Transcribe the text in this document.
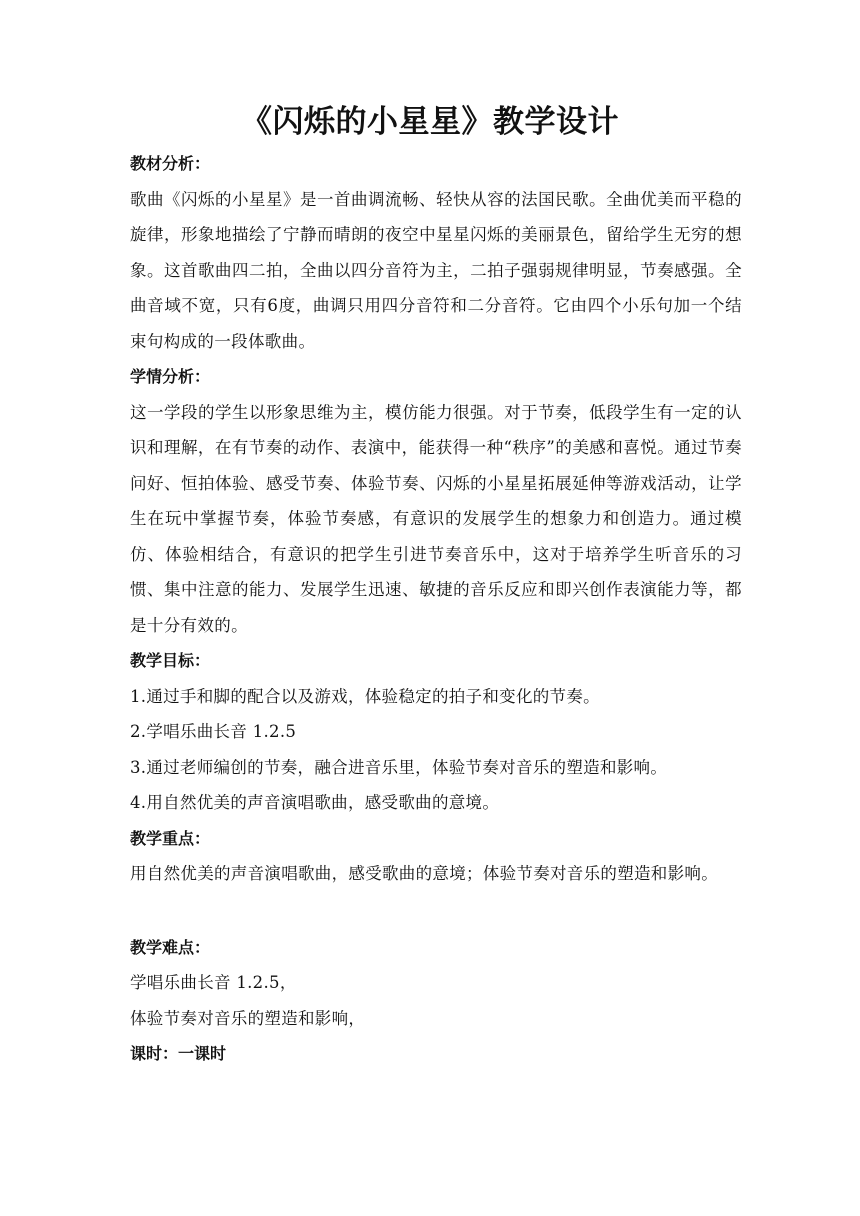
《闪烁的小星星》教学设计
教材分析：

歌曲《闪烁的小星星》是一首曲调流畅、轻快从容的法国民歌。全曲优美而平稳的旋律，形象地描绘了宁静而晴朗的夜空中星星闪烁的美丽景色，留给学生无穷的想象。这首歌曲四二拍，全曲以四分音符为主，二拍子强弱规律明显，节奏感强。全曲音域不宽，只有6度，曲调只用四分音符和二分音符。它由四个小乐句加一个结束句构成的一段体歌曲。

学情分析：

这一学段的学生以形象思维为主，模仿能力很强。对于节奏，低段学生有一定的认识和理解，在有节奏的动作、表演中，能获得一种“秩序”的美感和喜悦。通过节奏问好、恒拍体验、感受节奏、体验节奏、闪烁的小星星拓展延伸等游戏活动，让学生在玩中掌握节奏，体验节奏感，有意识的发展学生的想象力和创造力。通过模仿、体验相结合，有意识的把学生引进节奏音乐中，这对于培养学生听音乐的习惯、集中注意的能力、发展学生迅速、敏捷的音乐反应和即兴创作表演能力等，都是十分有效的。

教学目标：

1.通过手和脚的配合以及游戏，体验稳定的拍子和变化的节奏。

2.学唱乐曲长音 1.2.5

3.通过老师编创的节奏，融合进音乐里，体验节奏对音乐的塑造和影响。

4.用自然优美的声音演唱歌曲，感受歌曲的意境。

教学重点：

用自然优美的声音演唱歌曲，感受歌曲的意境；体验节奏对音乐的塑造和影响。

教学难点：

学唱乐曲长音 1.2.5，

体验节奏对音乐的塑造和影响，

课时：一课时
